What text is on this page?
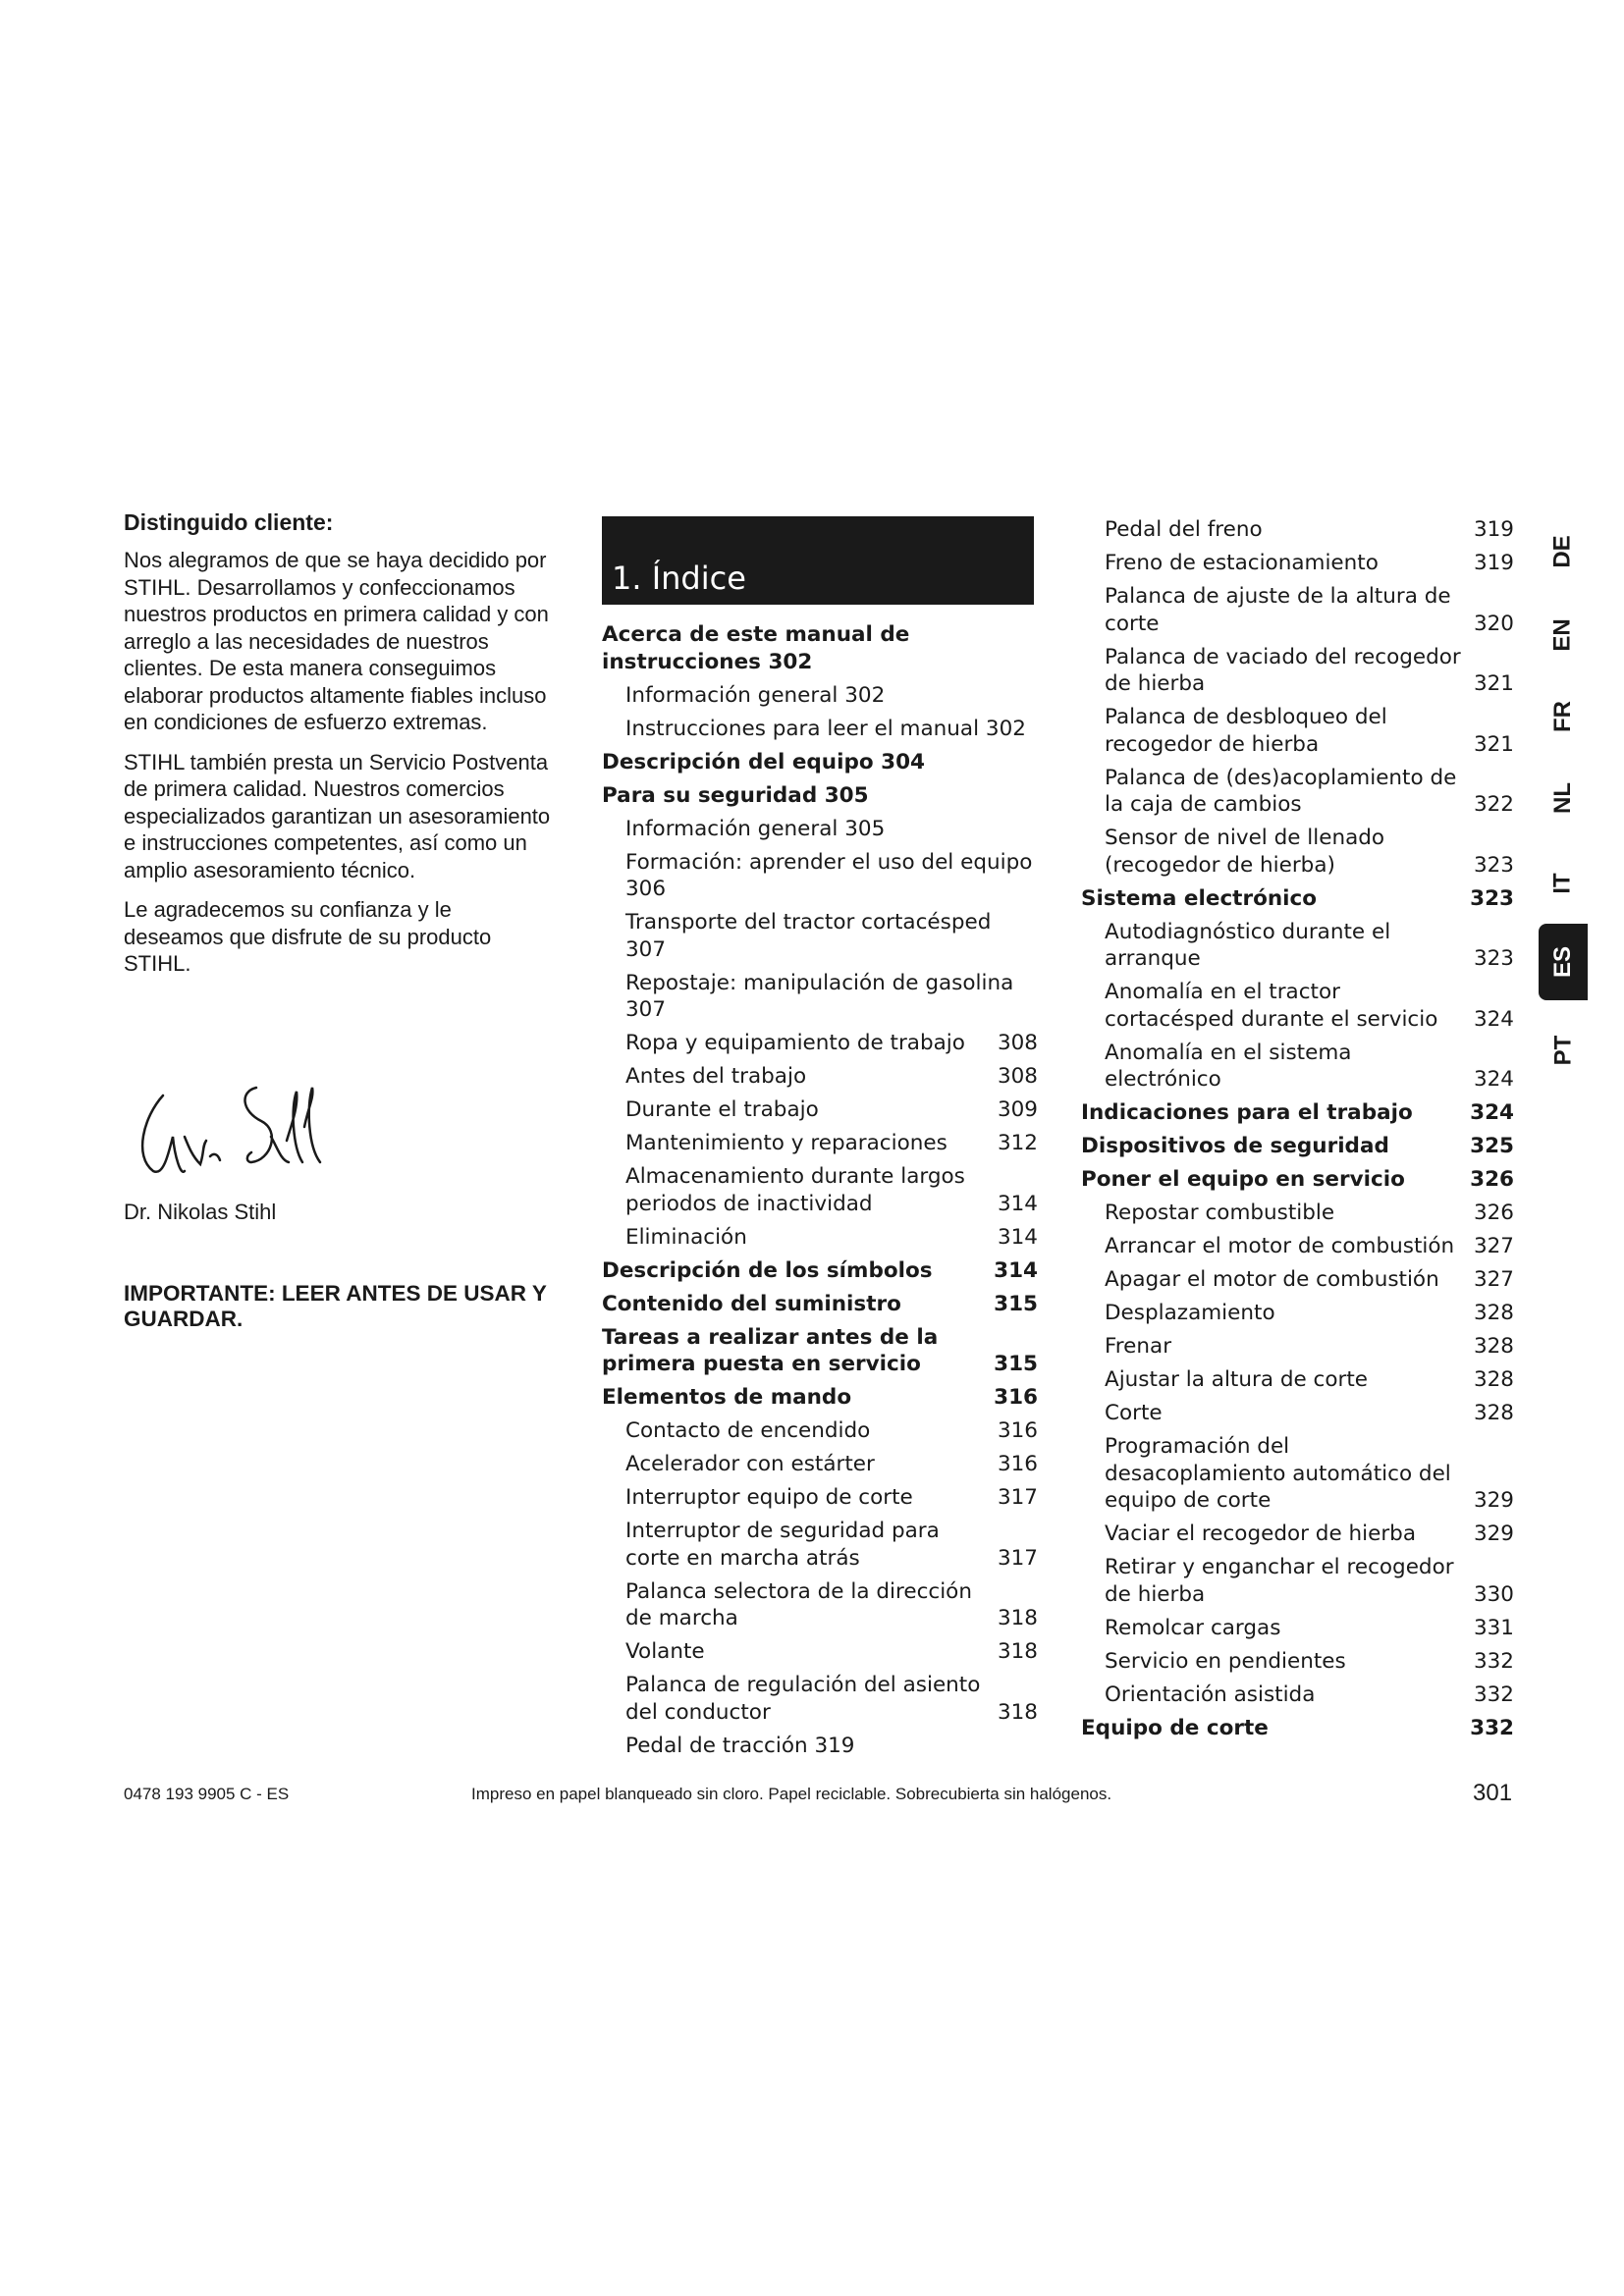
Distinguido cliente:

Nos alegramos de que se haya decidido por STIHL. Desarrollamos y confeccionamos nuestros productos en primera calidad y con arreglo a las necesidades de nuestros clientes. De esta manera conseguimos elaborar productos altamente fiables incluso en condiciones de esfuerzo extremas.

STIHL también presta un Servicio Postventa de primera calidad. Nuestros comercios especializados garantizan un asesoramiento e instrucciones competentes, así como un amplio asesoramiento técnico.

Le agradecemos su confianza y le deseamos que disfrute de su producto STIHL.

Dr. Nikolas Stihl
IMPORTANTE: LEER ANTES DE USAR Y GUARDAR.
1. Índice
Acerca de este manual de instrucciones 302
Información general 302
Instrucciones para leer el manual 302
Descripción del equipo 304
Para su seguridad 305
Información general 305
Formación: aprender el uso del equipo 306
Transporte del tractor cortacésped 307
Repostaje: manipulación de gasolina 307
Ropa y equipamiento de trabajo	308
Antes del trabajo	308
Durante el trabajo	309
Mantenimiento y reparaciones	312
Almacenamiento durante largos periodos de inactividad	314
Eliminación	314
Descripción de los símbolos	314
Contenido del suministro	315
Tareas a realizar antes de la primera puesta en servicio	315
Elementos de mando	316
Contacto de encendido	316
Acelerador con estárter	316
Interruptor equipo de corte	317
Interruptor de seguridad para corte en marcha atrás	317
Palanca selectora de la dirección de marcha	318
Volante	318
Palanca de regulación del asiento del conductor	318
Pedal de tracción 319
Pedal del freno	319
Freno de estacionamiento	319
Palanca de ajuste de la altura de corte	320
Palanca de vaciado del recogedor de hierba	321
Palanca de desbloqueo del recogedor de hierba	321
Palanca de (des)acoplamiento de la caja de cambios	322
Sensor de nivel de llenado (recogedor de hierba)	323
Sistema electrónico	323
Autodiagnóstico durante el arranque	323
Anomalía en el tractor cortacésped durante el servicio	324
Anomalía en el sistema electrónico	324
Indicaciones para el trabajo	324
Dispositivos de seguridad	325
Poner el equipo en servicio	326
Repostar combustible	326
Arrancar el motor de combustión 327
Apagar el motor de combustión	327
Desplazamiento	328
Frenar	328
Ajustar la altura de corte	328
Corte	328
Programación del desacoplamiento automático del equipo de corte	329
Vaciar el recogedor de hierba	329
Retirar y enganchar el recogedor de hierba	330
Remolcar cargas	331
Servicio en pendientes	332
Orientación asistida	332
Equipo de corte	332
DE
EN
FR
NL
IT
ES
PT
0478 193 9905 C - ES	Impreso en papel blanqueado sin cloro. Papel reciclable. Sobrecubierta sin halógenos.	301
